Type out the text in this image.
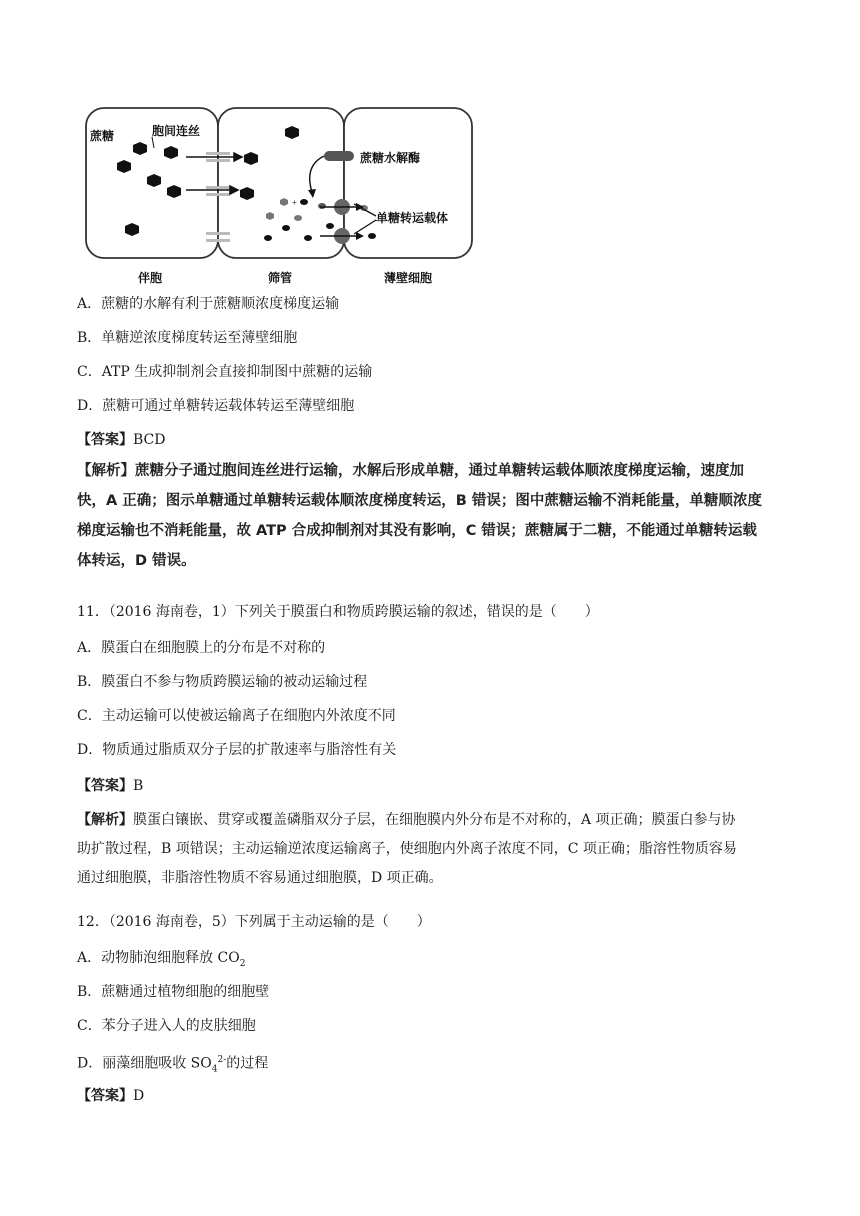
+
蔗糖	胞间连丝
蔗糖水解酶
单糖转运载体
伴胞	筛管	薄壁细胞
A．蔗糖的水解有利于蔗糖顺浓度梯度运输
B．单糖逆浓度梯度转运至薄壁细胞
C．ATP 生成抑制剂会直接抑制图中蔗糖的运输
D．蔗糖可通过单糖转运载体转运至薄壁细胞
【答案】BCD
【解析】蔗糖分子通过胞间连丝进行运输，水解后形成单糖，通过单糖转运载体顺浓度梯度运输，速度加
快，A 正确；图示单糖通过单糖转运载体顺浓度梯度转运，B 错误；图中蔗糖运输不消耗能量，单糖顺浓度
梯度运输也不消耗能量，故 ATP 合成抑制剂对其没有影响，C 错误；蔗糖属于二糖，不能通过单糖转运载
体转运，D 错误。
11．（2016 海南卷，1）下列关于膜蛋白和物质跨膜运输的叙述，错误的是（　　）
A．膜蛋白在细胞膜上的分布是不对称的
B．膜蛋白不参与物质跨膜运输的被动运输过程
C．主动运输可以使被运输离子在细胞内外浓度不同
D．物质通过脂质双分子层的扩散速率与脂溶性有关
【答案】B
【解析】膜蛋白镶嵌、贯穿或覆盖磷脂双分子层，在细胞膜内外分布是不对称的，A 项正确；膜蛋白参与协
助扩散过程，B 项错误；主动运输逆浓度运输离子，使细胞内外离子浓度不同，C 项正确；脂溶性物质容易
通过细胞膜，非脂溶性物质不容易通过细胞膜，D 项正确。
12．（2016 海南卷，5）下列属于主动运输的是（　　）
A．动物肺泡细胞释放 $CO_2$
B．蔗糖通过植物细胞的细胞壁
C．苯分子进入人的皮肤细胞
D．丽藻细胞吸收 $SO_4^{2-}$的过程
【答案】D
